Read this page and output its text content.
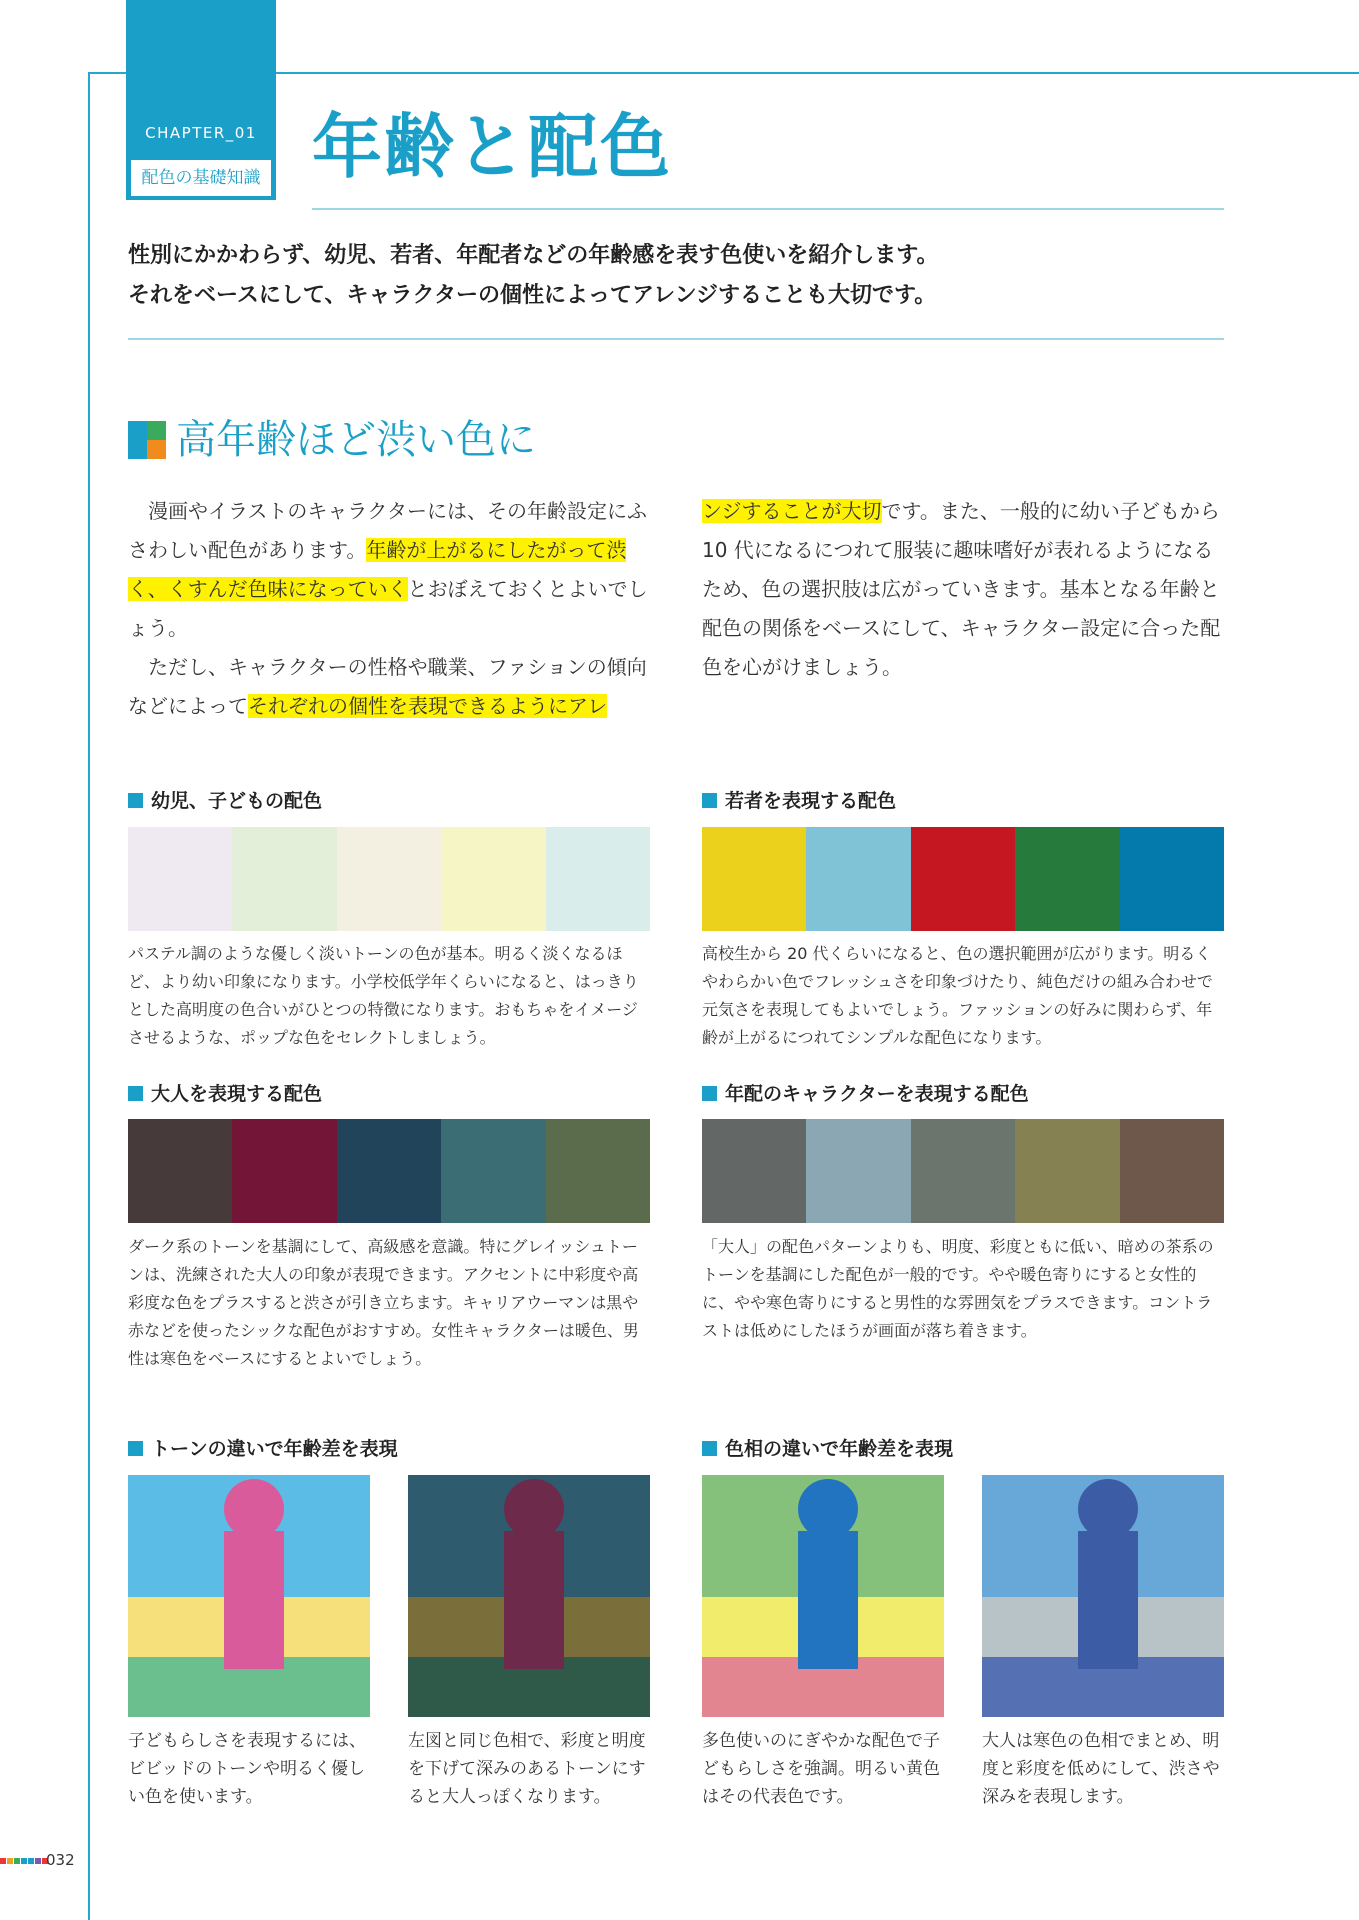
CHAPTER_01
配色の基礎知識 年齢と配色
性別にかかわらず、幼児、若者、年配者などの年齢感を表す色使いを紹介します。
それをベースにして、キャラクターの個性によってアレンジすることも大切です。
高年齢ほど渋い色に
漫画やイラストのキャラクターには、その年齢設定にふさわしい配色があります。年齢が上がるにしたがって渋く、くすんだ色味になっていくとおぼえておくとよいでしょう。
ただし、キャラクターの性格や職業、ファションの傾向などによってそれぞれの個性を表現できるようにアレ
ンジすることが大切です。また、一般的に幼い子どもから10 代になるにつれて服装に趣味嗜好が表れるようになるため、色の選択肢は広がっていきます。基本となる年齢と配色の関係をベースにして、キャラクター設定に合った配色を心がけましょう。
幼児、子どもの配色
パステル調のような優しく淡いトーンの色が基本。明るく淡くなるほど、より幼い印象になります。小学校低学年くらいになると、はっきりとした高明度の色合いがひとつの特徴になります。おもちゃをイメージさせるような、ポップな色をセレクトしましょう。
若者を表現する配色
高校生から 20 代くらいになると、色の選択範囲が広がります。明るくやわらかい色でフレッシュさを印象づけたり、純色だけの組み合わせで元気さを表現してもよいでしょう。ファッションの好みに関わらず、年齢が上がるにつれてシンプルな配色になります。
大人を表現する配色
ダーク系のトーンを基調にして、高級感を意識。特にグレイッシュトーンは、洗練された大人の印象が表現できます。アクセントに中彩度や高彩度な色をプラスすると渋さが引き立ちます。キャリアウーマンは黒や赤などを使ったシックな配色がおすすめ。女性キャラクターは暖色、男性は寒色をベースにするとよいでしょう。
年配のキャラクターを表現する配色
「大人」の配色パターンよりも、明度、彩度ともに低い、暗めの茶系のトーンを基調にした配色が一般的です。やや暖色寄りにすると女性的に、やや寒色寄りにすると男性的な雰囲気をプラスできます。コントラストは低めにしたほうが画面が落ち着きます。
トーンの違いで年齢差を表現	色相の違いで年齢差を表現
子どもらしさを表現するには、ビビッドのトーンや明るく優しい色を使います。
左図と同じ色相で、彩度と明度を下げて深みのあるトーンにすると大人っぽくなります。
多色使いのにぎやかな配色で子どもらしさを強調。明るい黄色はその代表色です。
大人は寒色の色相でまとめ、明度と彩度を低めにして、渋さや深みを表現します。
032
